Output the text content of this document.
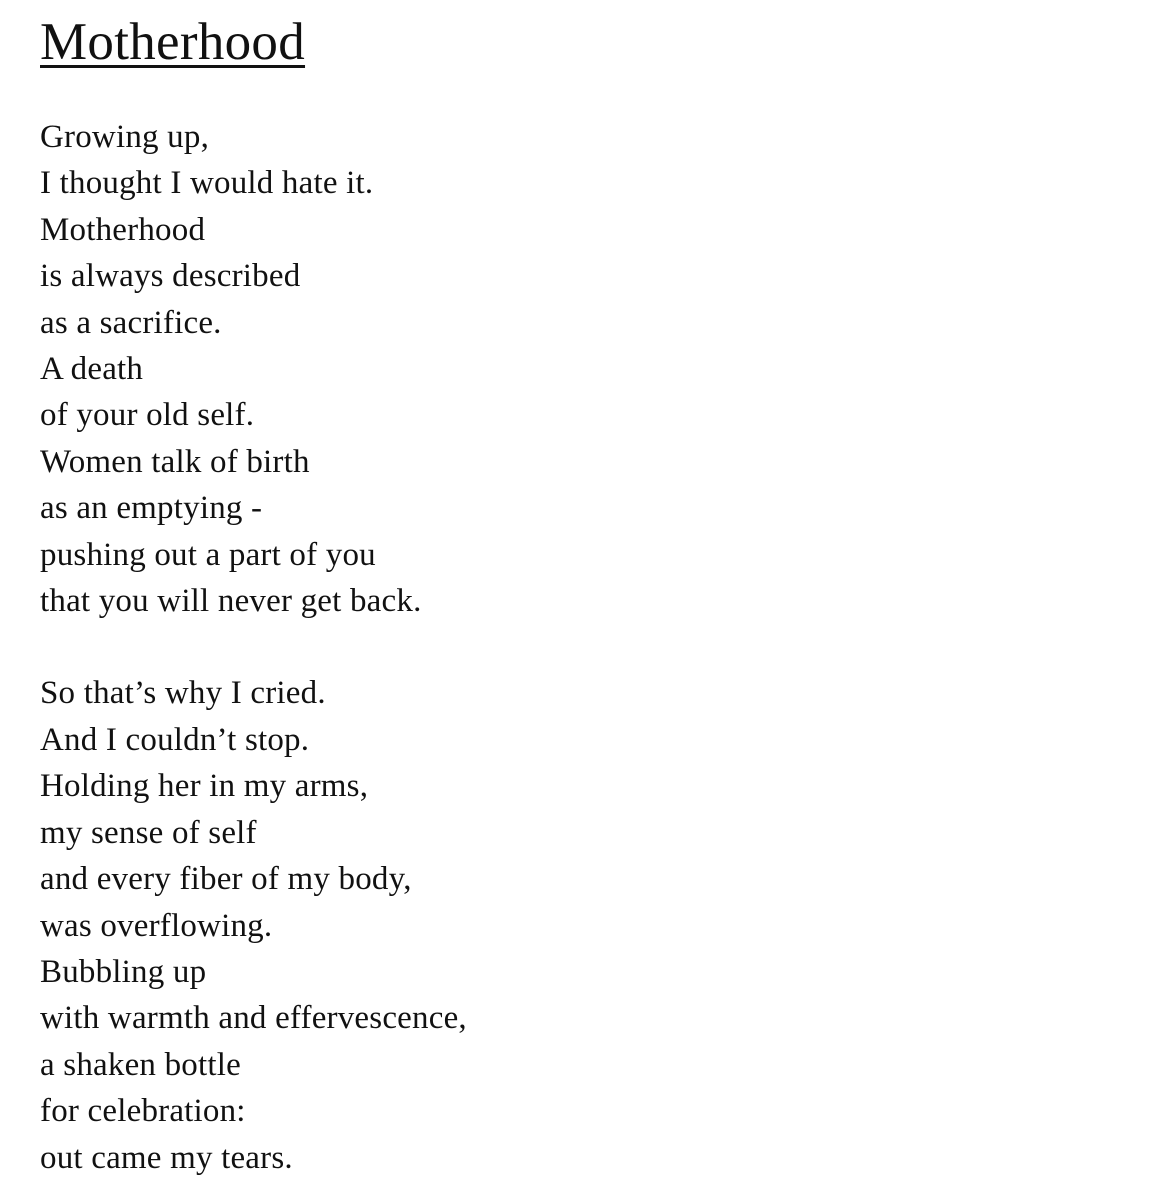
Motherhood
Growing up,
I thought I would hate it.
Motherhood
is always described
as a sacrifice.
A death
of your old self.
Women talk of birth
as an emptying -
pushing out a part of you
that you will never get back.
So that’s why I cried.
And I couldn’t stop.
Holding her in my arms,
my sense of self
and every fiber of my body,
was overflowing.
Bubbling up
with warmth and effervescence,
a shaken bottle
for celebration:
out came my tears.
